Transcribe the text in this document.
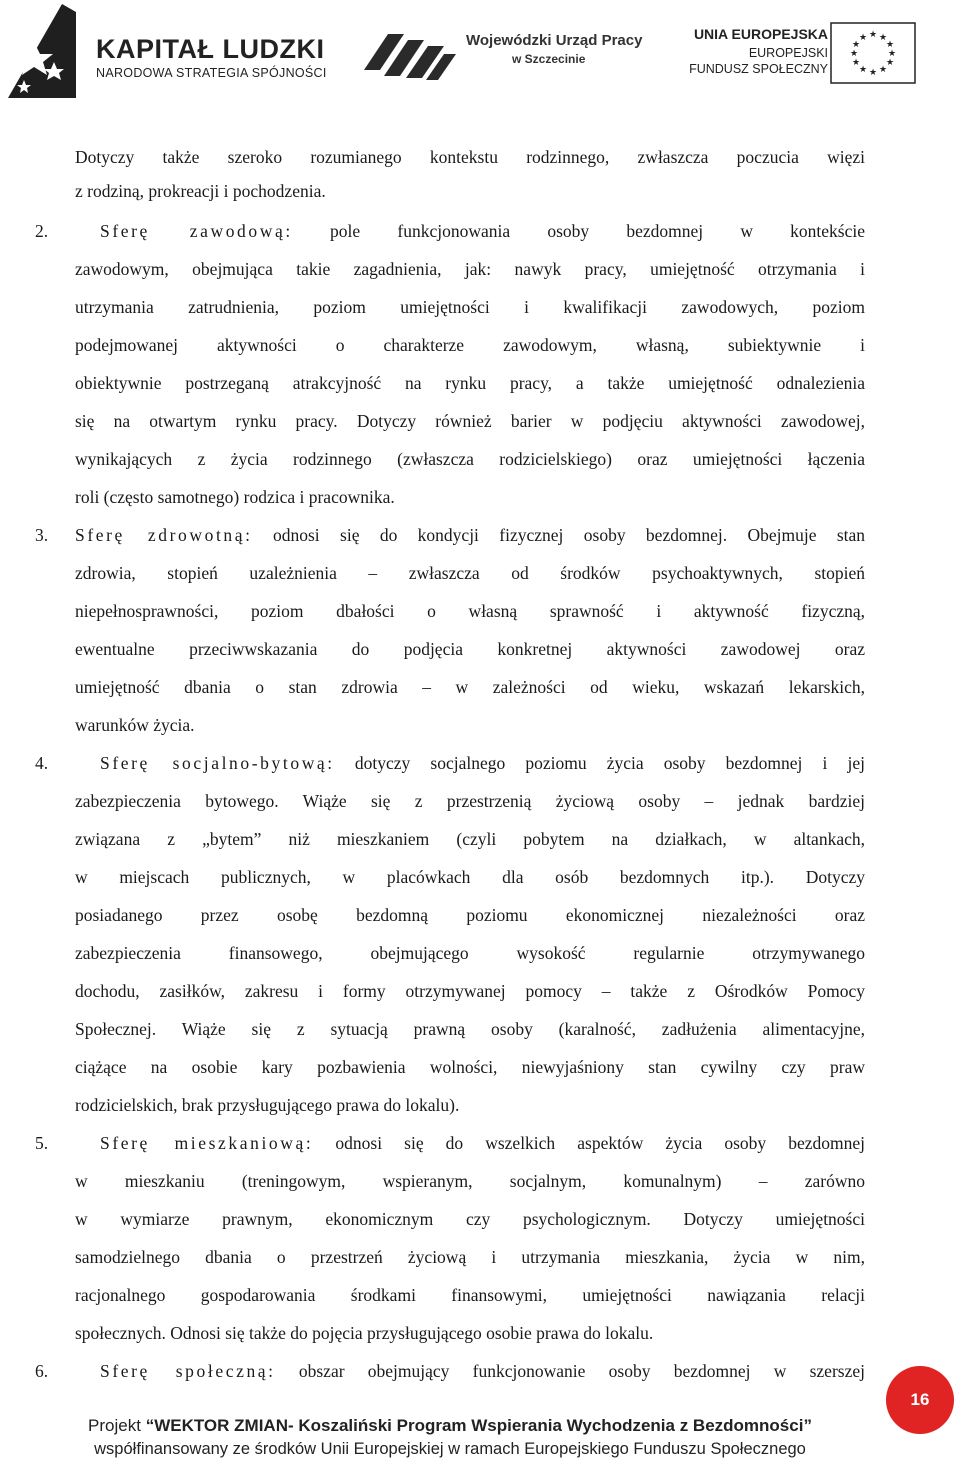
KAPITAŁ LUDZKI
NARODOWA STRATEGIA SPÓJNOŚCI
Wojewódzki Urząd Pracy
w Szczecinie
UNIA EUROPEJSKA
EUROPEJSKI
FUNDUSZ SPOŁECZNY
★ ★
★
★
★
★
★
★
★
★
★
★
Dotyczy także szeroko rozumianego kontekstu rodzinnego, zwłaszcza poczucia więzi
z rodziną, prokreacji i pochodzenia.
2.	Sferę zawodową: pole funkcjonowania osoby bezdomnej w kontekście
zawodowym, obejmująca takie zagadnienia, jak: nawyk pracy, umiejętność otrzymania i
utrzymania zatrudnienia, poziom umiejętności i kwalifikacji zawodowych, poziom
podejmowanej aktywności o charakterze zawodowym, własną, subiektywnie i
obiektywnie postrzeganą atrakcyjność na rynku pracy, a także umiejętność odnalezienia
się na otwartym rynku pracy. Dotyczy również barier w podjęciu aktywności zawodowej,
wynikających z życia rodzinnego (zwłaszcza rodzicielskiego) oraz umiejętności łączenia
roli (często samotnego) rodzica i pracownika.
3. Sferę zdrowotną: odnosi się do kondycji fizycznej osoby bezdomnej. Obejmuje stan
zdrowia, stopień uzależnienia – zwłaszcza od środków psychoaktywnych, stopień
niepełnosprawności, poziom dbałości o własną sprawność i aktywność fizyczną,
ewentualne przeciwwskazania do podjęcia konkretnej aktywności zawodowej oraz
umiejętność dbania o stan zdrowia – w zależności od wieku, wskazań lekarskich,
warunków życia.
4.	Sferę socjalno-bytową: dotyczy socjalnego poziomu życia osoby bezdomnej i jej
zabezpieczenia bytowego. Wiąże się z przestrzenią życiową osoby – jednak bardziej
związana z „bytem” niż mieszkaniem (czyli pobytem na działkach, w altankach,
w miejscach publicznych, w placówkach dla osób bezdomnych itp.). Dotyczy
posiadanego przez osobę bezdomną poziomu ekonomicznej niezależności oraz
zabezpieczenia finansowego, obejmującego wysokość regularnie otrzymywanego
dochodu, zasiłków, zakresu i formy otrzymywanej pomocy – także z Ośrodków Pomocy
Społecznej. Wiąże się z sytuacją prawną osoby (karalność, zadłużenia alimentacyjne,
ciążące na osobie kary pozbawienia wolności, niewyjaśniony stan cywilny czy praw
rodzicielskich, brak przysługującego prawa do lokalu).
5.	Sferę mieszkaniową: odnosi się do wszelkich aspektów życia osoby bezdomnej
w mieszkaniu (treningowym, wspieranym, socjalnym, komunalnym) – zarówno
w wymiarze prawnym, ekonomicznym czy psychologicznym. Dotyczy umiejętności
samodzielnego dbania o przestrzeń życiową i utrzymania mieszkania, życia w nim,
racjonalnego gospodarowania środkami finansowymi, umiejętności nawiązania relacji
społecznych. Odnosi się także do pojęcia przysługującego osobie prawa do lokalu.
6.	Sferę społeczną: obszar obejmujący funkcjonowanie osoby bezdomnej w szerszej
16
Projekt “WEKTOR ZMIAN- Koszaliński Program Wspierania Wychodzenia z Bezdomności”
współfinansowany ze środków Unii Europejskiej w ramach Europejskiego Funduszu Społecznego
